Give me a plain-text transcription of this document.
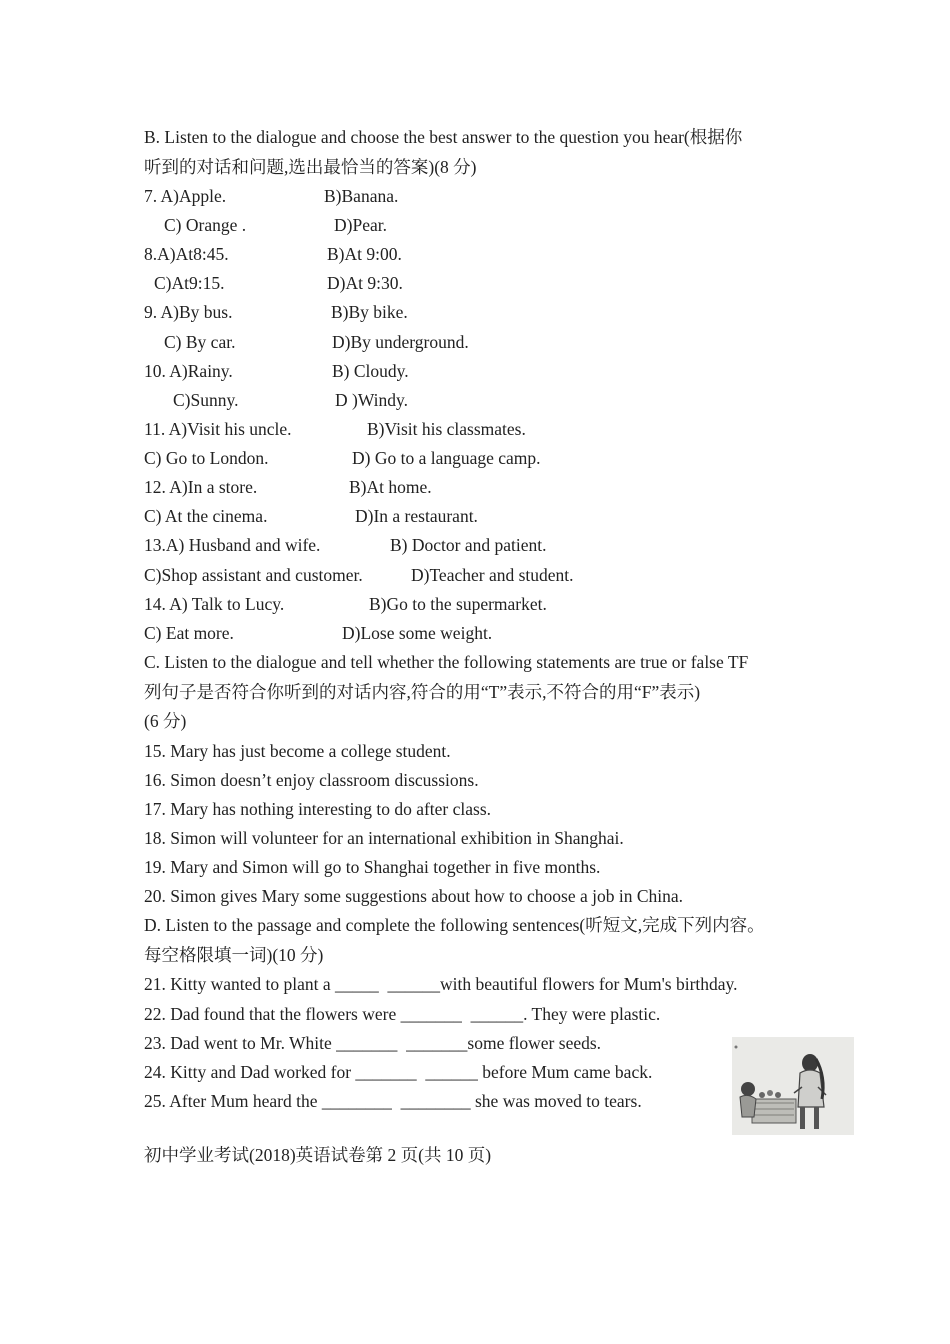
B. Listen to the dialogue and choose the best answer to the question you hear(根据你
听到的对话和问题,选出最恰当的答案)(8 分)
7. A)Apple.	B)Banana.
C) Orange .	D)Pear.
8.A)At8:45.	B)At 9:00.
C)At9:15.	D)At 9:30.
9. A)By bus.	B)By bike.
C) By car.	D)By underground.
10. A)Rainy.	B) Cloudy.
C)Sunny.	D )Windy.
11. A)Visit his uncle.	B)Visit his classmates.
C) Go to London.	D) Go to a language camp.
12. A)In a store.	B)At home.
C) At the cinema.	D)In a restaurant.
13.A) Husband and wife.	B) Doctor and patient.
C)Shop assistant and customer.	D)Teacher and student.
14. A) Talk to Lucy.	B)Go to the supermarket.
C) Eat more.	D)Lose some weight.
C. Listen to the dialogue and tell whether the following statements are true or false TF
列句子是否符合你听到的对话内容,符合的用“T”表示,不符合的用“F”表示)
(6 分)
15. Mary has just become a college student.
16. Simon doesn’t enjoy classroom discussions.
17. Mary has nothing interesting to do after class.
18. Simon will volunteer for an international exhibition in Shanghai.
19. Mary and Simon will go to Shanghai together in five months.
20. Simon gives Mary some suggestions about how to choose a job in China.
D. Listen to the passage and complete the following sentences(听短文,完成下列内容。
每空格限填一词)(10 分)
21. Kitty wanted to plant a _____  ______with beautiful flowers for Mum's birthday.
22. Dad found that the flowers were _______  ______. They were plastic.
23. Dad went to Mr. White _______  _______some flower seeds.
24. Kitty and Dad worked for _______  ______ before Mum came back.
25. After Mum heard the ________  ________ she was moved to tears.
初中学业考试(2018)英语试卷第 2 页(共 10 页)
